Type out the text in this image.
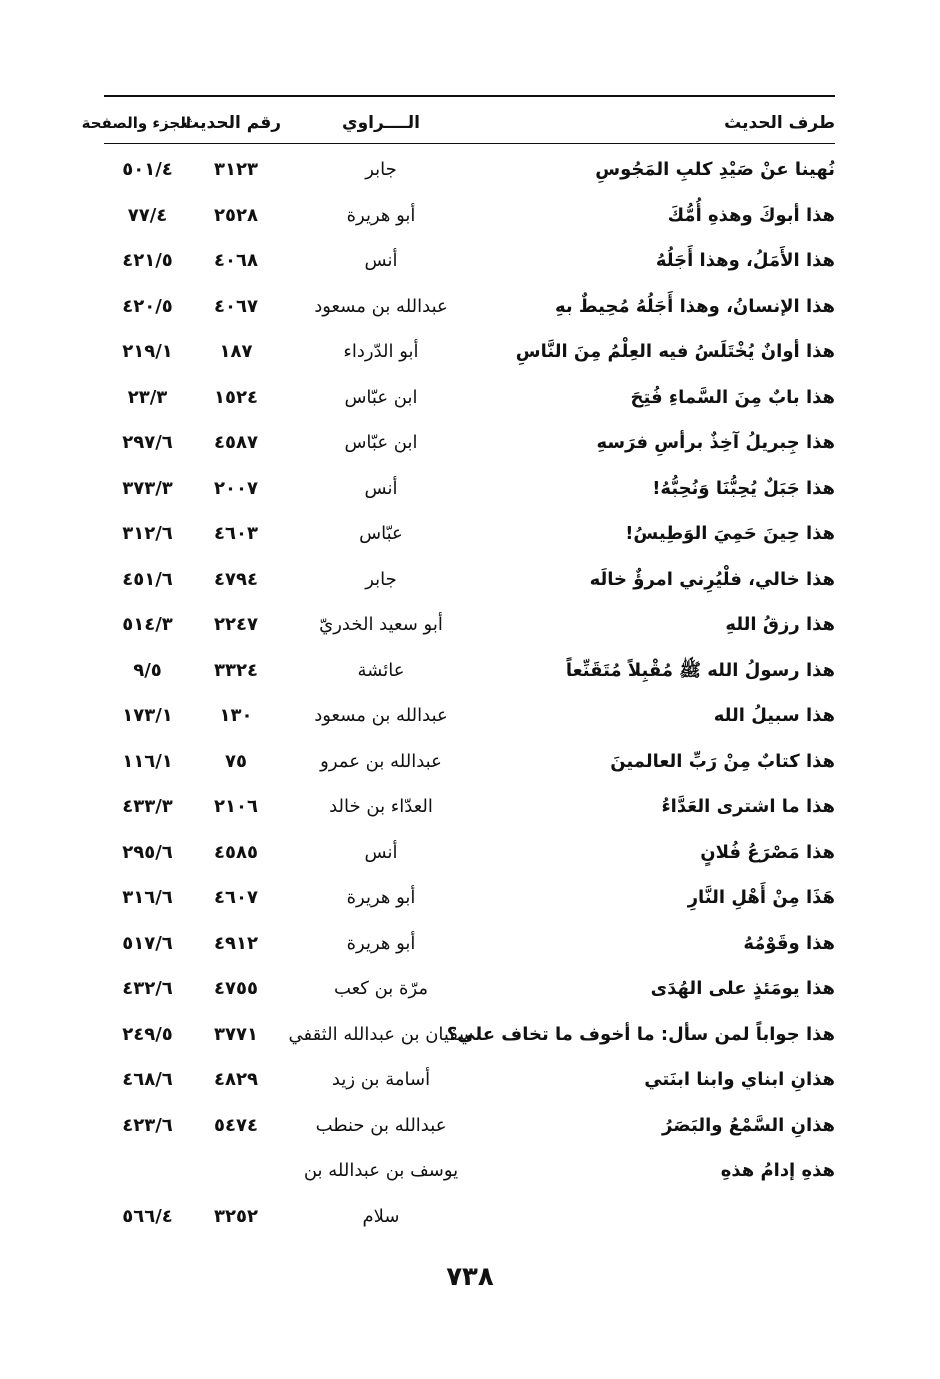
طرف الحديث
الــــراوي
رقم الحديث
الجزء والصفحة
نُهينا عنْ صَيْدِ كلبِ المَجُوسِ
جابر
٣١٢٣
٥٠١/٤
هذا أبوكَ وهذهِ أُمُّكَ
أبو هريرة
٢٥٢٨
٧٧/٤
هذا الأَمَلُ، وهذا أَجَلُهُ
أنس
٤٠٦٨
٤٢١/٥
هذا الإنسانُ، وهذا أَجَلُهُ مُحِيطٌ بهِ
عبدالله بن مسعود
٤٠٦٧
٤٢٠/٥
هذا أوانٌ يُخْتَلَسُ فيه العِلْمُ مِنَ النَّاسِ
أبو الدّرداء
١٨٧
٢١٩/١
هذا بابٌ مِنَ السَّماءِ فُتِحَ
ابن عبّاس
١٥٢٤
٢٣/٣
هذا جِبريلُ آخِذٌ برأسِ فرَسهِ
ابن عبّاس
٤٥٨٧
٢٩٧/٦
هذا جَبَلٌ يُحِبُّنَا وَنُحِبُّهُ!
أنس
٢٠٠٧
٣٧٣/٣
هذا حِينَ حَمِيَ الوَطِيسُ!
عبّاس
٤٦٠٣
٣١٢/٦
هذا خالي، فلْيُرِني امرؤٌ خالَه
جابر
٤٧٩٤
٤٥١/٦
هذا رزقُ اللهِ
أبو سعيد الخدريّ
٢٢٤٧
٥١٤/٣
هذا رسولُ الله ﷺ مُقْبِلاً مُتَقَنِّعاً
عائشة
٣٣٢٤
٩/٥
هذا سبيلُ الله
عبدالله بن مسعود
١٣٠
١٧٣/١
هذا كتابٌ مِنْ رَبِّ العالمينَ
عبدالله بن عمرو
٧٥
١١٦/١
هذا ما اشترى العَدَّاءُ
العدّاء بن خالد
٢١٠٦
٤٣٣/٣
هذا مَصْرَعُ فُلانٍ
أنس
٤٥٨٥
٢٩٥/٦
هَذَا مِنْ أَهْلِ النَّارِ
أبو هريرة
٤٦٠٧
٣١٦/٦
هذا وقَوْمُهُ
أبو هريرة
٤٩١٢
٥١٧/٦
هذا يومَئذٍ على الهُدَى
مرّة بن كعب
٤٧٥٥
٤٣٢/٦
هذا جواباً لمن سأل: ما أخوف ما تخاف علي؟
سفيان بن عبدالله الثقفي
٣٧٧١
٢٤٩/٥
هذانِ ابناي وابنا ابنَتي
أسامة بن زيد
٤٨٢٩
٤٦٨/٦
هذانِ السَّمْعُ والبَصَرُ
عبدالله بن حنطب
٥٤٧٤
٤٢٣/٦
هذهِ إدامُ هذهِ
يوسف بن عبدالله بن
سلام
٣٢٥٢
٥٦٦/٤
٧٣٨
